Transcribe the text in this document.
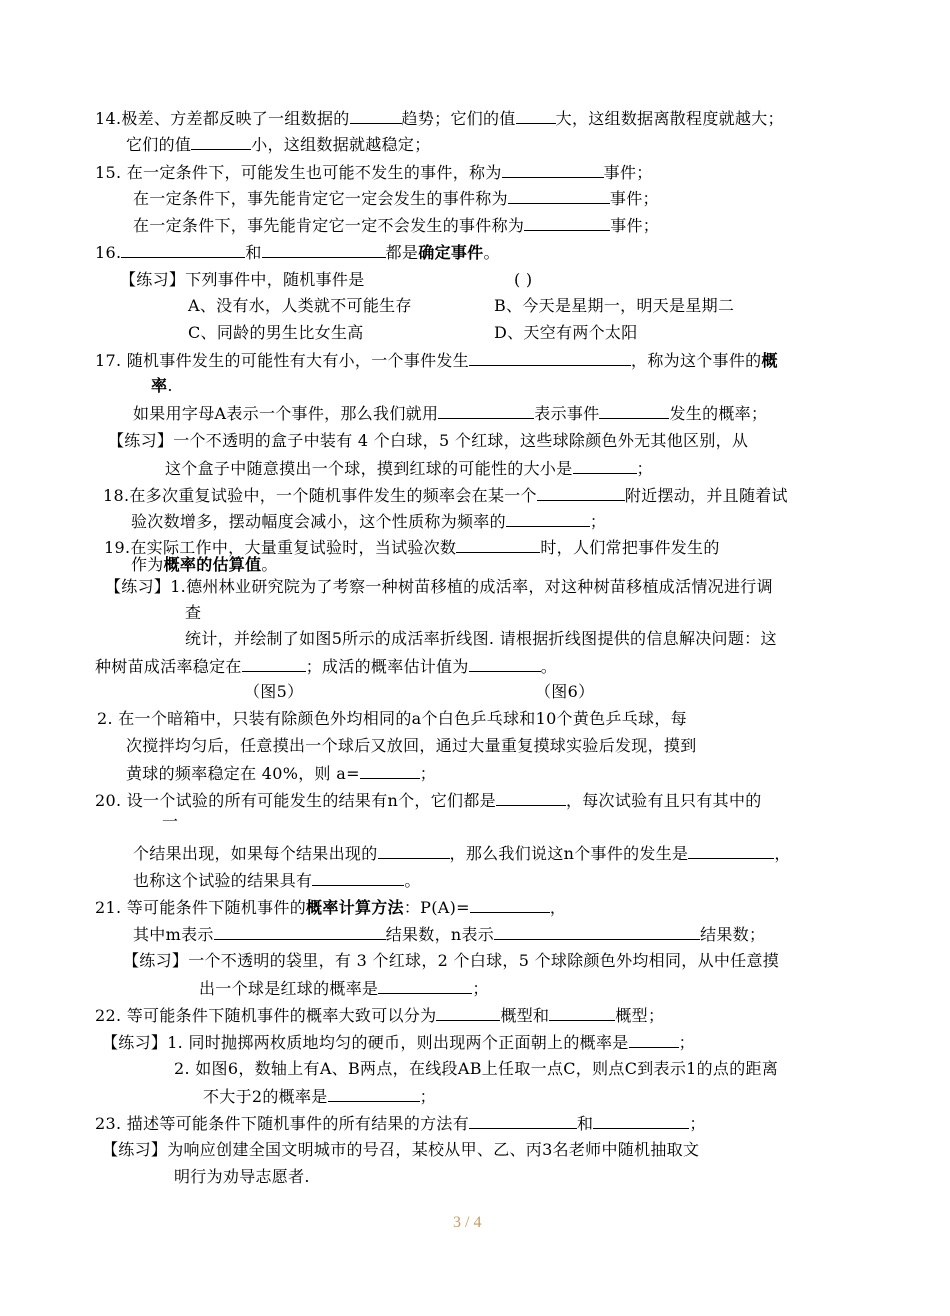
14.极差、方差都反映了一组数据的	趋势；它们的值	大，这组数据离散程度就越大；
它们的值	小，这组数据就越稳定；
15. 在一定条件下，可能发生也可能不发生的事件，称为	事件；
在一定条件下，事先能肯定它一定会发生的事件称为	事件；
在一定条件下，事先能肯定它一定不会发生的事件称为	事件；
16.	和	都是确定事件。
【练习】下列事件中，随机事件是	( )
A、没有水，人类就不可能生存	B、今天是星期一，明天是星期二
C、同龄的男生比女生高	D、天空有两个太阳
17. 随机事件发生的可能性有大有小，一个事件发生	，称为这个事件的概
率.
如果用字母A表示一个事件，那么我们就用	表示事件	发生的概率；
【练习】一个不透明的盒子中装有 4 个白球，5 个红球，这些球除颜色外无其他区别，从
这个盒子中随意摸出一个球，摸到红球的可能性的大小是	；
18.在多次重复试验中，一个随机事件发生的频率会在某一个	附近摆动，并且随着试
验次数增多，摆动幅度会减小，这个性质称为频率的	；
19.在实际工作中，大量重复试验时，当试验次数	时，人们常把事件发生的
作为概率的估算值。
【练习】1.德州林业研究院为了考察一种树苗移植的成活率，对这种树苗移植成活情况进行调
查
统计，并绘制了如图5所示的成活率折线图. 请根据折线图提供的信息解决问题：这
种树苗成活率稳定在	；成活的概率估计值为	。
（图5）	（图6）
2. 在一个暗箱中，只装有除颜色外均相同的a个白色乒乓球和10个黄色乒乓球，每
次搅拌均匀后，任意摸出一个球后又放回，通过大量重复摸球实验后发现，摸到
黄球的频率稳定在 40%，则 a=	；
20. 设一个试验的所有可能发生的结果有n个，它们都是	，每次试验有且只有其中的
一
个结果出现，如果每个结果出现的	，那么我们说这n个事件的发生是	，
也称这个试验的结果具有	。
21. 等可能条件下随机事件的概率计算方法：P(A)=	，
其中m表示	结果数，n表示	结果数；
【练习】一个不透明的袋里，有 3 个红球，2 个白球，5 个球除颜色外均相同，从中任意摸
出一个球是红球的概率是	；
22. 等可能条件下随机事件的概率大致可以分为	概型和	概型；
【练习】1. 同时抛掷两枚质地均匀的硬币，则出现两个正面朝上的概率是	；
2. 如图6，数轴上有A、B两点，在线段AB上任取一点C，则点C到表示1的点的距离
不大于2的概率是	；
23. 描述等可能条件下随机事件的所有结果的方法有	和	；
【练习】为响应创建全国文明城市的号召，某校从甲、乙、丙3名老师中随机抽取文
明行为劝导志愿者.
3 / 4
